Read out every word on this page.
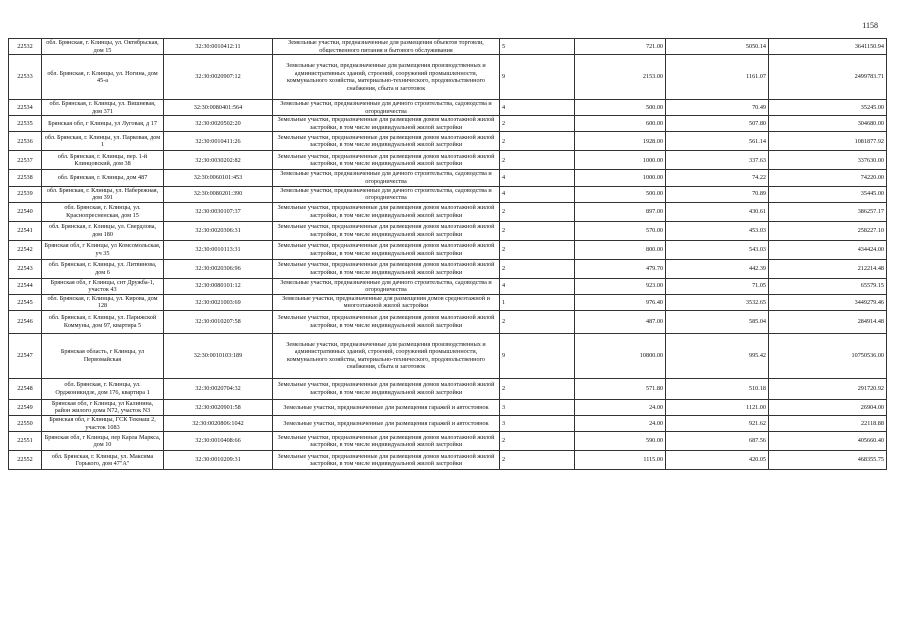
1158
22532	обл. Брянская, г. Клинцы, ул. Октябрьская, дом 15	32:30:0010412:11	Земельные участки, предназначенные для размещения объектов торговли, общественного питания и бытового обслуживания	5	721.00	5050.14	3641150.94
22533	обл. Брянская, г. Клинцы, ул. Ногина, дом 45-а	32:30:0020907:12	Земельные участки, предназначенные для размещения производственных и административных зданий, строений, сооружений промышленности, коммунального хозяйства, материально-технического, продовольственного снабжения, сбыта и заготовок	9	2153.00	1161.07	2499783.71
22534	обл. Брянская, г. Клинцы, ул. Вишневая, дом 371	32:30:0080401:564	Земельные участки, предназначенные для дачного строительства, садоводства и огородничества	4	500.00	70.49	35245.00
22535	Брянская обл, г Клинцы, ул Луговая, д 17	32:30:0020502:20	Земельные участки, предназначенные для размещения домов малоэтажной жилой застройки, в том числе индивидуальной жилой застройки	2	600.00	507.80	304680.00
22536	обл. Брянская, г. Клинцы, ул. Парковая, дом 1	32:30:0010411:26	Земельные участки, предназначенные для размещения домов малоэтажной жилой застройки, в том числе индивидуальной жилой застройки	2	1928.00	561.14	1081877.92
22537	обл. Брянская, г. Клинцы, пер. 1-й Клинцовский, дом 38	32:30:0030202:82	Земельные участки, предназначенные для размещения домов малоэтажной жилой застройки, в том числе индивидуальной жилой застройки	2	1000.00	337.63	337630.00
22538	обл. Брянская, г. Клинцы, дом 487	32:30:0060101:453	Земельные участки, предназначенные для дачного строительства, садоводства и огородничества	4	1000.00	74.22	74220.00
22539	обл. Брянская, г. Клинцы, ул. Набережная, дом 391	32:30:0080201:390	Земельные участки, предназначенные для дачного строительства, садоводства и огородничества	4	500.00	70.89	35445.00
22540	обл. Брянская, г. Клинцы, ул. Краснопресненская, дом 15	32:30:0030107:37	Земельные участки, предназначенные для размещения домов малоэтажной жилой застройки, в том числе индивидуальной жилой застройки	2	897.00	430.61	386257.17
22541	обл. Брянская, г. Клинцы, ул. Свердлова, дом 180	32:30:0020306:31	Земельные участки, предназначенные для размещения домов малоэтажной жилой застройки, в том числе индивидуальной жилой застройки	2	570.00	453.03	258227.10
22542	Брянская обл, г Клинцы, ул Комсомольская, уч 35	32:30:0010113:31	Земельные участки, предназначенные для размещения домов малоэтажной жилой застройки, в том числе индивидуальной жилой застройки	2	800.00	543.03	434424.00
22543	обл. Брянская, г. Клинцы, ул. Литвинова, дом 6	32:30:0020306:96	Земельные участки, предназначенные для размещения домов малоэтажной жилой застройки, в том числе индивидуальной жилой застройки	2	479.70	442.39	212214.48
22544	Брянская обл, г Клинцы, снт Дружба-1, участок 43	32:30:0080101:12	Земельные участки, предназначенные для дачного строительства, садоводства и огородничества	4	923.00	71.05	65579.15
22545	обл. Брянская, г. Клинцы, ул. Кирова, дом 128	32:30:0021003:69	Земельные участки, предназначенные для размещения домов среднеэтажной и многоэтажной жилой застройки	1	976.40	3532.65	3449279.46
22546	обл. Брянская, г. Клинцы, ул. Парижской Коммуны, дом 97, квартира 5	32:30:0010207:58	Земельные участки, предназначенные для размещения домов малоэтажной жилой застройки, в том числе индивидуальной жилой застройки	2	487.00	585.04	284914.48
22547	Брянская область, г Клинцы, ул Первомайская	32:30:0010103:189	Земельные участки, предназначенные для размещения производственных и административных зданий, строений, сооружений промышленности, коммунального хозяйства, материально-технического, продовольственного снабжения, сбыта и заготовок	9	10800.00	995.42	10750536.00
22548	обл. Брянская, г. Клинцы, ул. Орджоникидзе, дом 176, квартира 1	32:30:0020704:32	Земельные участки, предназначенные для размещения домов малоэтажной жилой застройки, в том числе индивидуальной жилой застройки	2	571.80	510.18	291720.92
22549	Брянская обл, г Клинцы, ул Калинина, район жилого дома N72, участок N3	32:30:0020901:58	Земельные участки, предназначенные для размещения гаражей и автостоянок	3	24.00	1121.00	26904.00
22550	Брянская обл, г Клинцы, ГСК Текмаш 2, участок 1083	32:30:0020806:1042	Земельные участки, предназначенные для размещения гаражей и автостоянок	3	24.00	921.62	22118.88
22551	Брянская обл, г Клинцы, пер Карла Маркса, дом 10	32:30:0010408:66	Земельные участки, предназначенные для размещения домов малоэтажной жилой застройки, в том числе индивидуальной жилой застройки	2	590.00	687.56	405660.40
22552	обл. Брянская, г. Клинцы, ул. Максима Горького, дом 47"А"	32:30:0010209:31	Земельные участки, предназначенные для размещения домов малоэтажной жилой застройки, в том числе индивидуальной жилой застройки	2	1115.00	420.05	468355.75
